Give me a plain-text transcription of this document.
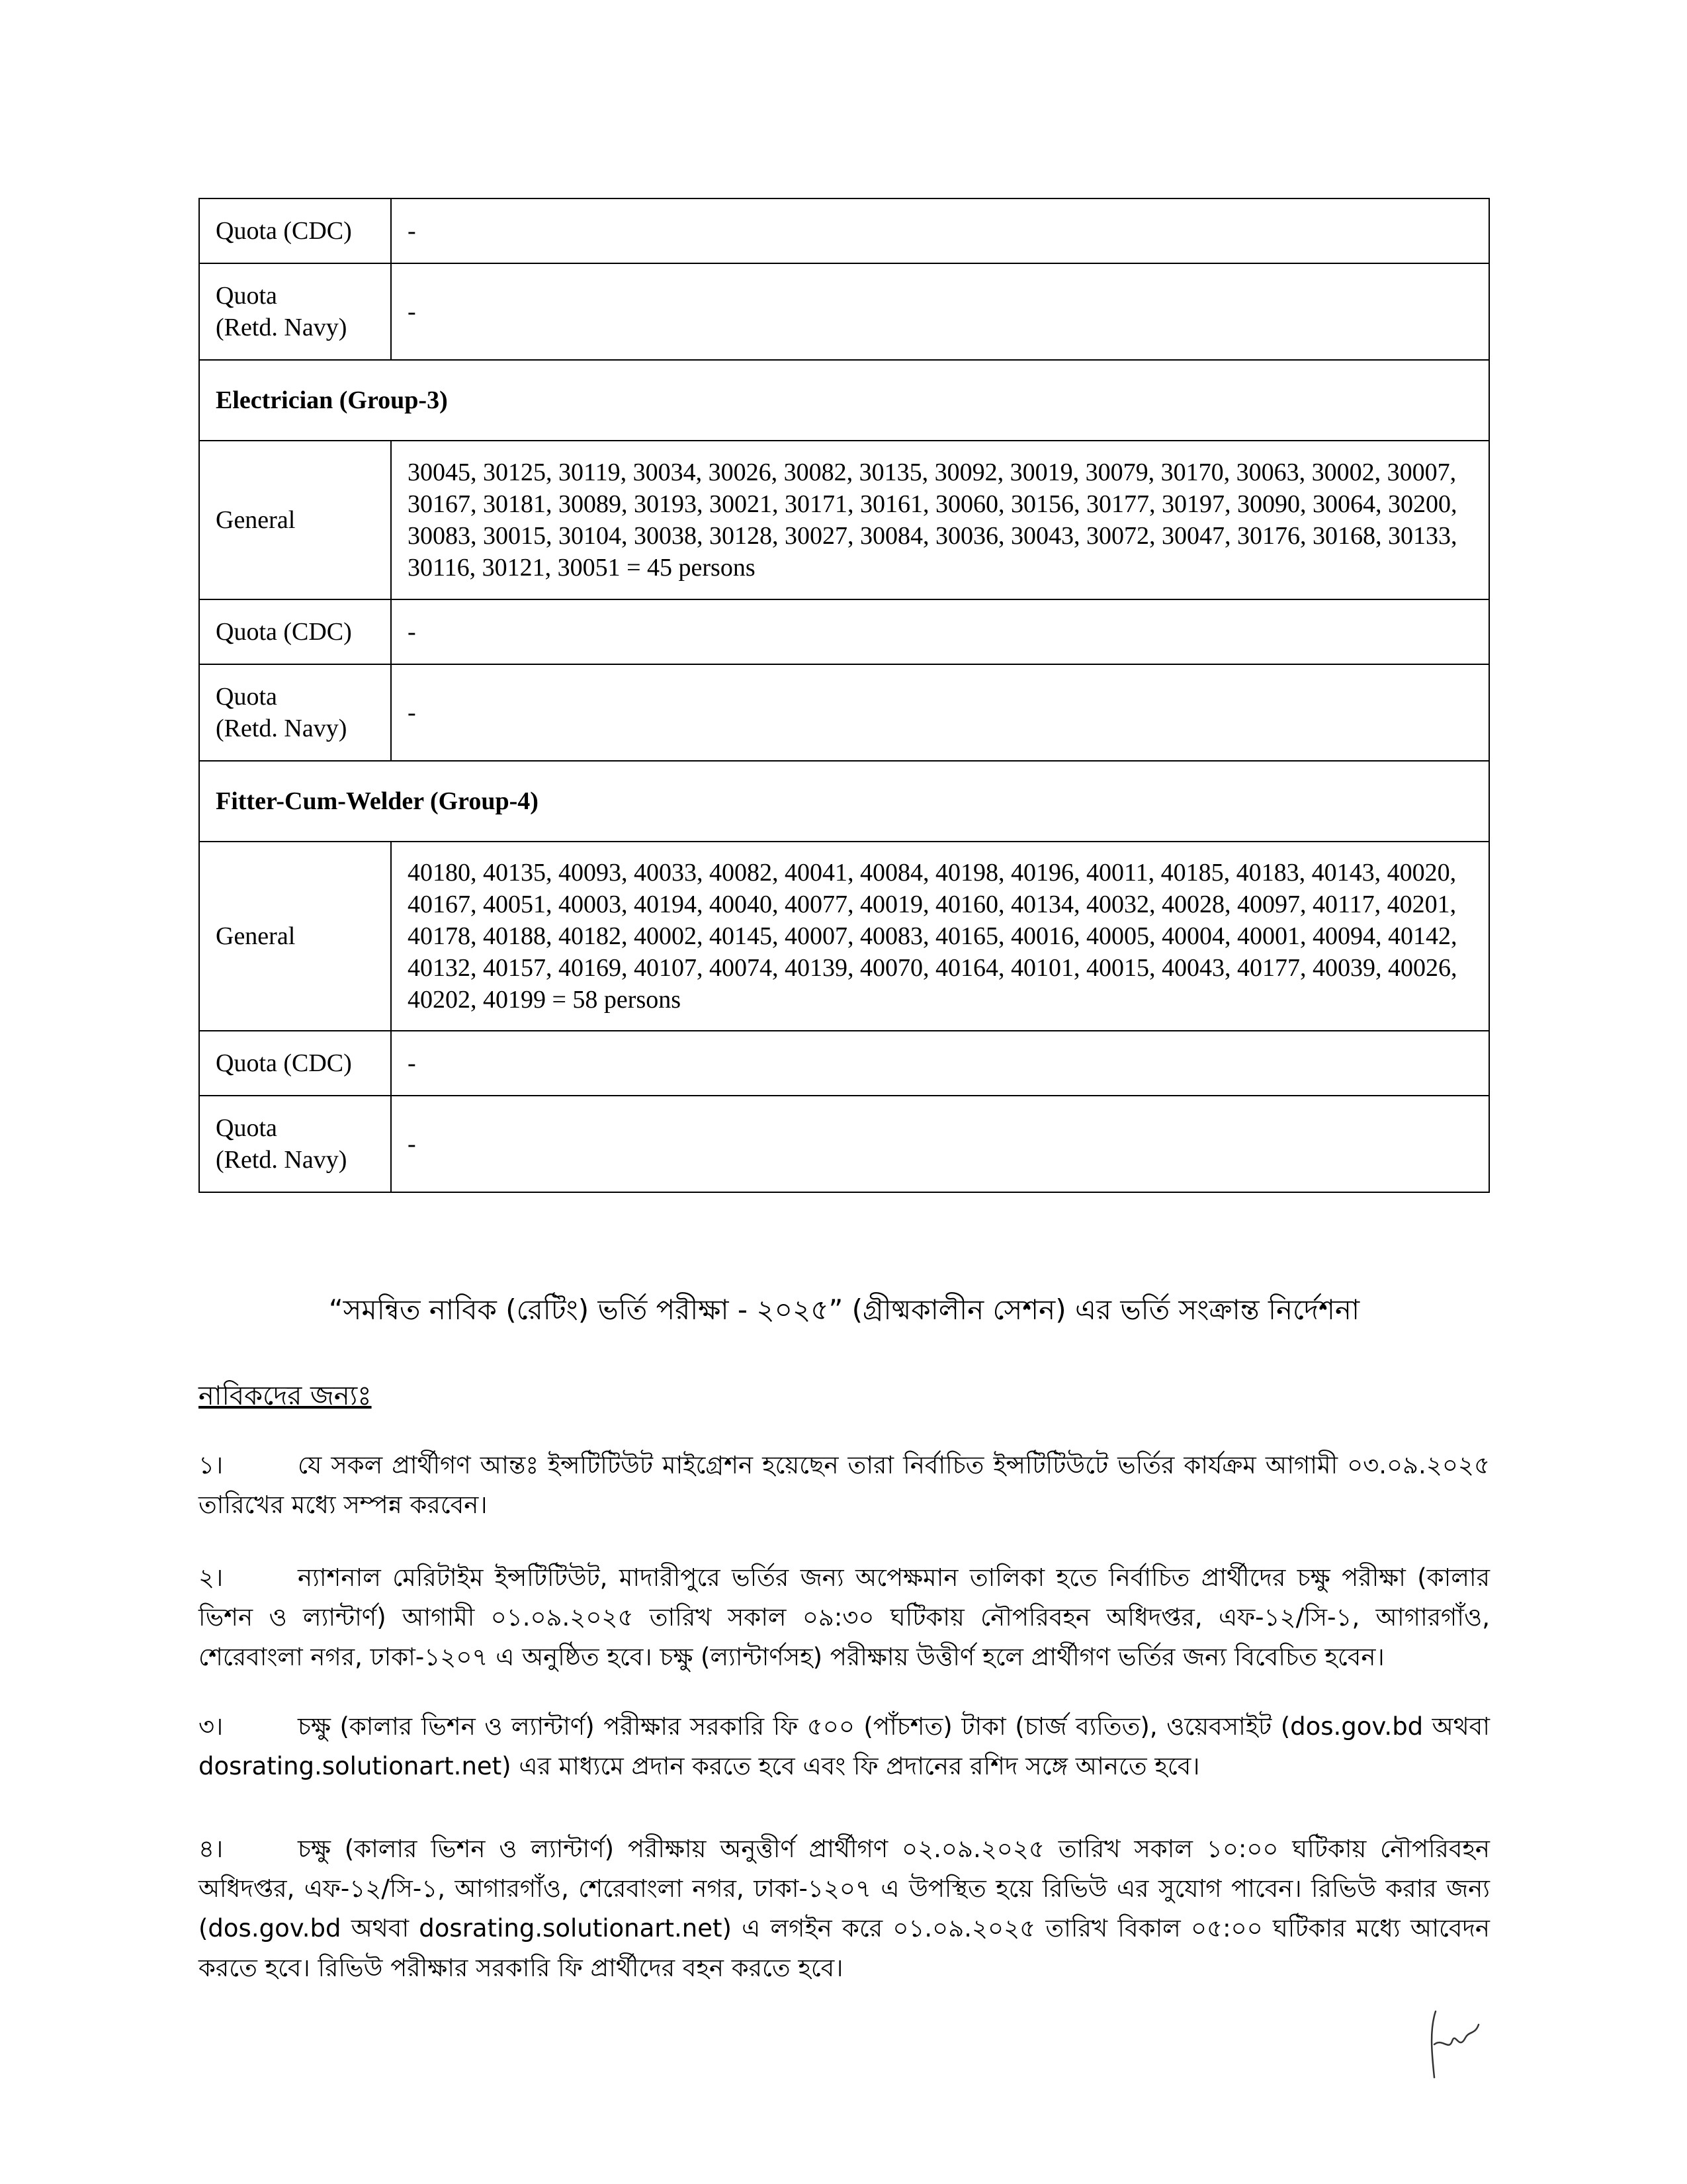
Quota (CDC)	-

Quota
(Retd. Navy)	-
Electrician (Group-3)	
General	30045, 30125, 30119, 30034, 30026, 30082, 30135, 30092, 30019, 30079, 30170, 30063, 30002, 30007, 30167, 30181, 30089, 30193, 30021, 30171, 30161, 30060, 30156, 30177, 30197, 30090, 30064, 30200, 30083, 30015, 30104, 30038, 30128, 30027, 30084, 30036, 30043, 30072, 30047, 30176, 30168, 30133, 30116, 30121, 30051 = 45 persons
Quota (CDC)	-

Quota
(Retd. Navy)	-
Fitter-Cum-Welder (Group-4)	
General	40180, 40135, 40093, 40033, 40082, 40041, 40084, 40198, 40196, 40011, 40185, 40183, 40143, 40020, 40167, 40051, 40003, 40194, 40040, 40077, 40019, 40160, 40134, 40032, 40028, 40097, 40117, 40201, 40178, 40188, 40182, 40002, 40145, 40007, 40083, 40165, 40016, 40005, 40004, 40001, 40094, 40142, 40132, 40157, 40169, 40107, 40074, 40139, 40070, 40164, 40101, 40015, 40043, 40177, 40039, 40026, 40202, 40199 = 58 persons
Quota (CDC)	-

Quota
(Retd. Navy)	-
“সমন্বিত নাবিক (রেটিং) ভর্তি পরীক্ষা - ২০২৫” (গ্রীষ্মকালীন সেশন) এর ভর্তি সংক্রান্ত নির্দেশনা
নাবিকদের জন্যঃ
১।	যে সকল প্রার্থীগণ আন্তঃ ইন্সটিটিউট মাইগ্রেশন হয়েছেন তারা নির্বাচিত ইন্সটিটিউটে ভর্তির কার্যক্রম আগামী ০৩.০৯.২০২৫ তারিখের মধ্যে সম্পন্ন করবেন।
২।	ন্যাশনাল মেরিটাইম ইন্সটিটিউট, মাদারীপুরে ভর্তির জন্য অপেক্ষমান তালিকা হতে নির্বাচিত প্রার্থীদের চক্ষু পরীক্ষা (কালার ভিশন ও ল্যান্টার্ণ) আগামী ০১.০৯.২০২৫ তারিখ সকাল ০৯:৩০ ঘটিকায় নৌপরিবহন অধিদপ্তর, এফ-১২/সি-১, আগারগাঁও, শেরেবাংলা নগর, ঢাকা-১২০৭ এ অনুষ্ঠিত হবে। চক্ষু (ল্যান্টার্ণসহ) পরীক্ষায় উত্তীর্ণ হলে প্রার্থীগণ ভর্তির জন্য বিবেচিত হবেন।
৩।	চক্ষু (কালার ভিশন ও ল্যান্টার্ণ) পরীক্ষার সরকারি ফি ৫০০ (পাঁচশত) টাকা (চার্জ ব্যতিত), ওয়েবসাইট (dos.gov.bd অথবা dosrating.solutionart.net) এর মাধ্যমে প্রদান করতে হবে এবং ফি প্রদানের রশিদ সঙ্গে আনতে হবে।
৪।	চক্ষু (কালার ভিশন ও ল্যান্টার্ণ) পরীক্ষায় অনুত্তীর্ণ প্রার্থীগণ ০২.০৯.২০২৫ তারিখ সকাল ১০:০০ ঘটিকায় নৌপরিবহন অধিদপ্তর, এফ-১২/সি-১, আগারগাঁও, শেরেবাংলা নগর, ঢাকা-১২০৭ এ উপস্থিত হয়ে রিভিউ এর সুযোগ পাবেন। রিভিউ করার জন্য (dos.gov.bd অথবা dosrating.solutionart.net) এ লগইন করে ০১.০৯.২০২৫ তারিখ বিকাল ০৫:০০ ঘটিকার মধ্যে আবেদন করতে হবে। রিভিউ পরীক্ষার সরকারি ফি প্রার্থীদের বহন করতে হবে।
